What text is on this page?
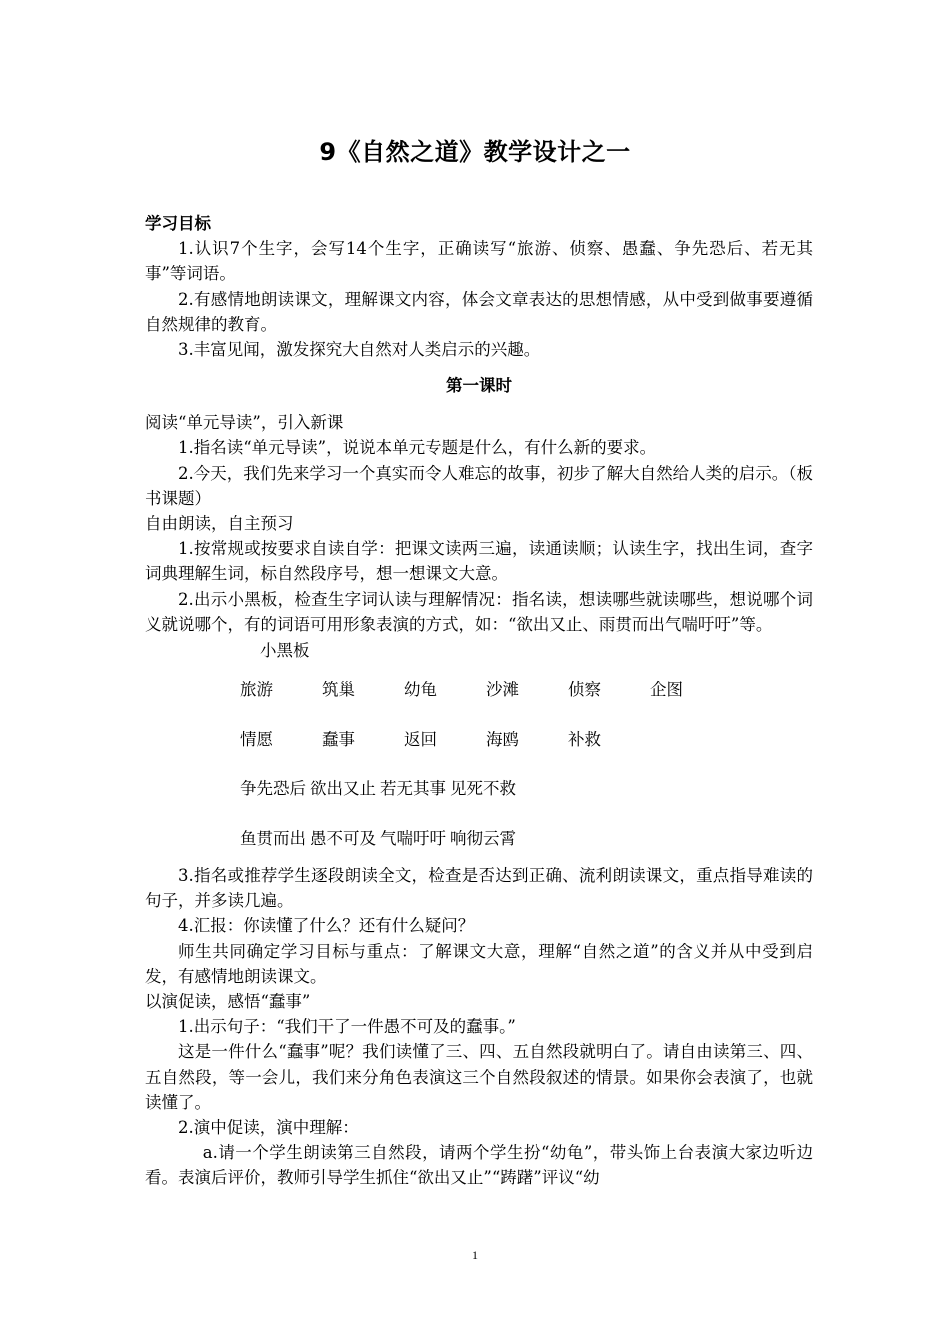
9《自然之道》教学设计之一

学习目标

1.认识7个生字，会写14个生字，正确读写“旅游、侦察、愚蠢、争先恐后、若无其事”等词语。

2.有感情地朗读课文，理解课文内容，体会文章表达的思想情感，从中受到做事要遵循自然规律的教育。

3.丰富见闻，激发探究大自然对人类启示的兴趣。

第一课时

阅读“单元导读”，引入新课

1.指名读“单元导读”，说说本单元专题是什么，有什么新的要求。

2.今天，我们先来学习一个真实而令人难忘的故事，初步了解大自然给人类的启示。（板书课题）

自由朗读，自主预习

1.按常规或按要求自读自学：把课文读两三遍，读通读顺；认读生字，找出生词，查字词典理解生词，标自然段序号，想一想课文大意。

2.出示小黑板，检查生字词认读与理解情况：指名读，想读哪些就读哪些，想说哪个词义就说哪个，有的词语可用形象表演的方式，如：“欲出又止、雨贯而出气喘吁吁”等。

小黑板
旅游	筑巢	幼龟	沙滩	侦察	企图
情愿	蠢事	返回	海鸥	补救
争先恐后 欲出又止 若无其事 见死不救
鱼贯而出 愚不可及 气喘吁吁 响彻云霄

3.指名或推荐学生逐段朗读全文，检查是否达到正确、流利朗读课文，重点指导难读的句子，并多读几遍。

4.汇报：你读懂了什么？还有什么疑问？

师生共同确定学习目标与重点：了解课文大意，理解“自然之道”的含义并从中受到启发，有感情地朗读课文。

以演促读，感悟“蠢事”

1.出示句子：“我们干了一件愚不可及的蠢事。”

这是一件什么“蠢事”呢？我们读懂了三、四、五自然段就明白了。请自由读第三、四、五自然段，等一会儿，我们来分角色表演这三个自然段叙述的情景。如果你会表演了，也就读懂了。

2.演中促读，演中理解：

a.请一个学生朗读第三自然段，请两个学生扮“幼龟”，带头饰上台表演大家边听边看。表演后评价，教师引导学生抓住“欲出又止”“踌躇”评议“幼

1
